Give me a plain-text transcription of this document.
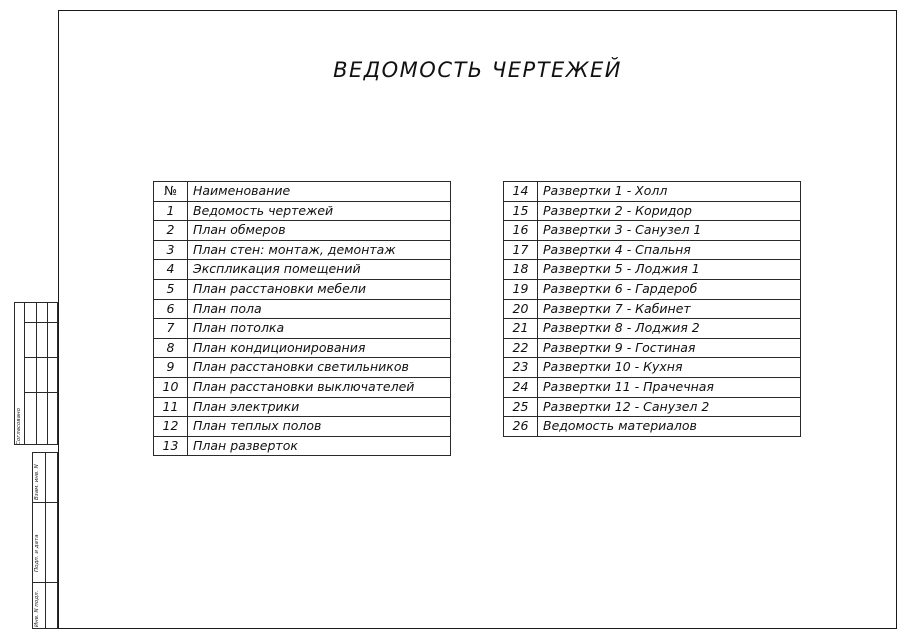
ВЕДОМОСТЬ ЧЕРТЕЖЕЙ
№	Наименование
1	Ведомость чертежей
2	План обмеров
3	План стен: монтаж, демонтаж
4	Экспликация помещений
5	План расстановки мебели
6	План пола
7	План потолка
8	План кондиционирования
9	План расстановки светильников
10	План расстановки выключателей
11	План электрики
12	План теплых полов
13	План разверток
14	Развертки 1 - Холл
15	Развертки 2 - Коридор
16	Развертки 3 - Санузел 1
17	Развертки 4 - Спальня
18	Развертки 5 - Лоджия 1
19	Развертки 6 - Гардероб
20	Развертки 7 - Кабинет
21	Развертки 8 - Лоджия 2
22	Развертки 9 - Гостиная
23	Развертки 10 - Кухня
24	Развертки 11 - Прачечная
25	Развертки 12 - Санузел 2
26	Ведомость материалов
Согласовано
Взам. инв. N
Подп. и дата
Инв. N подл.
